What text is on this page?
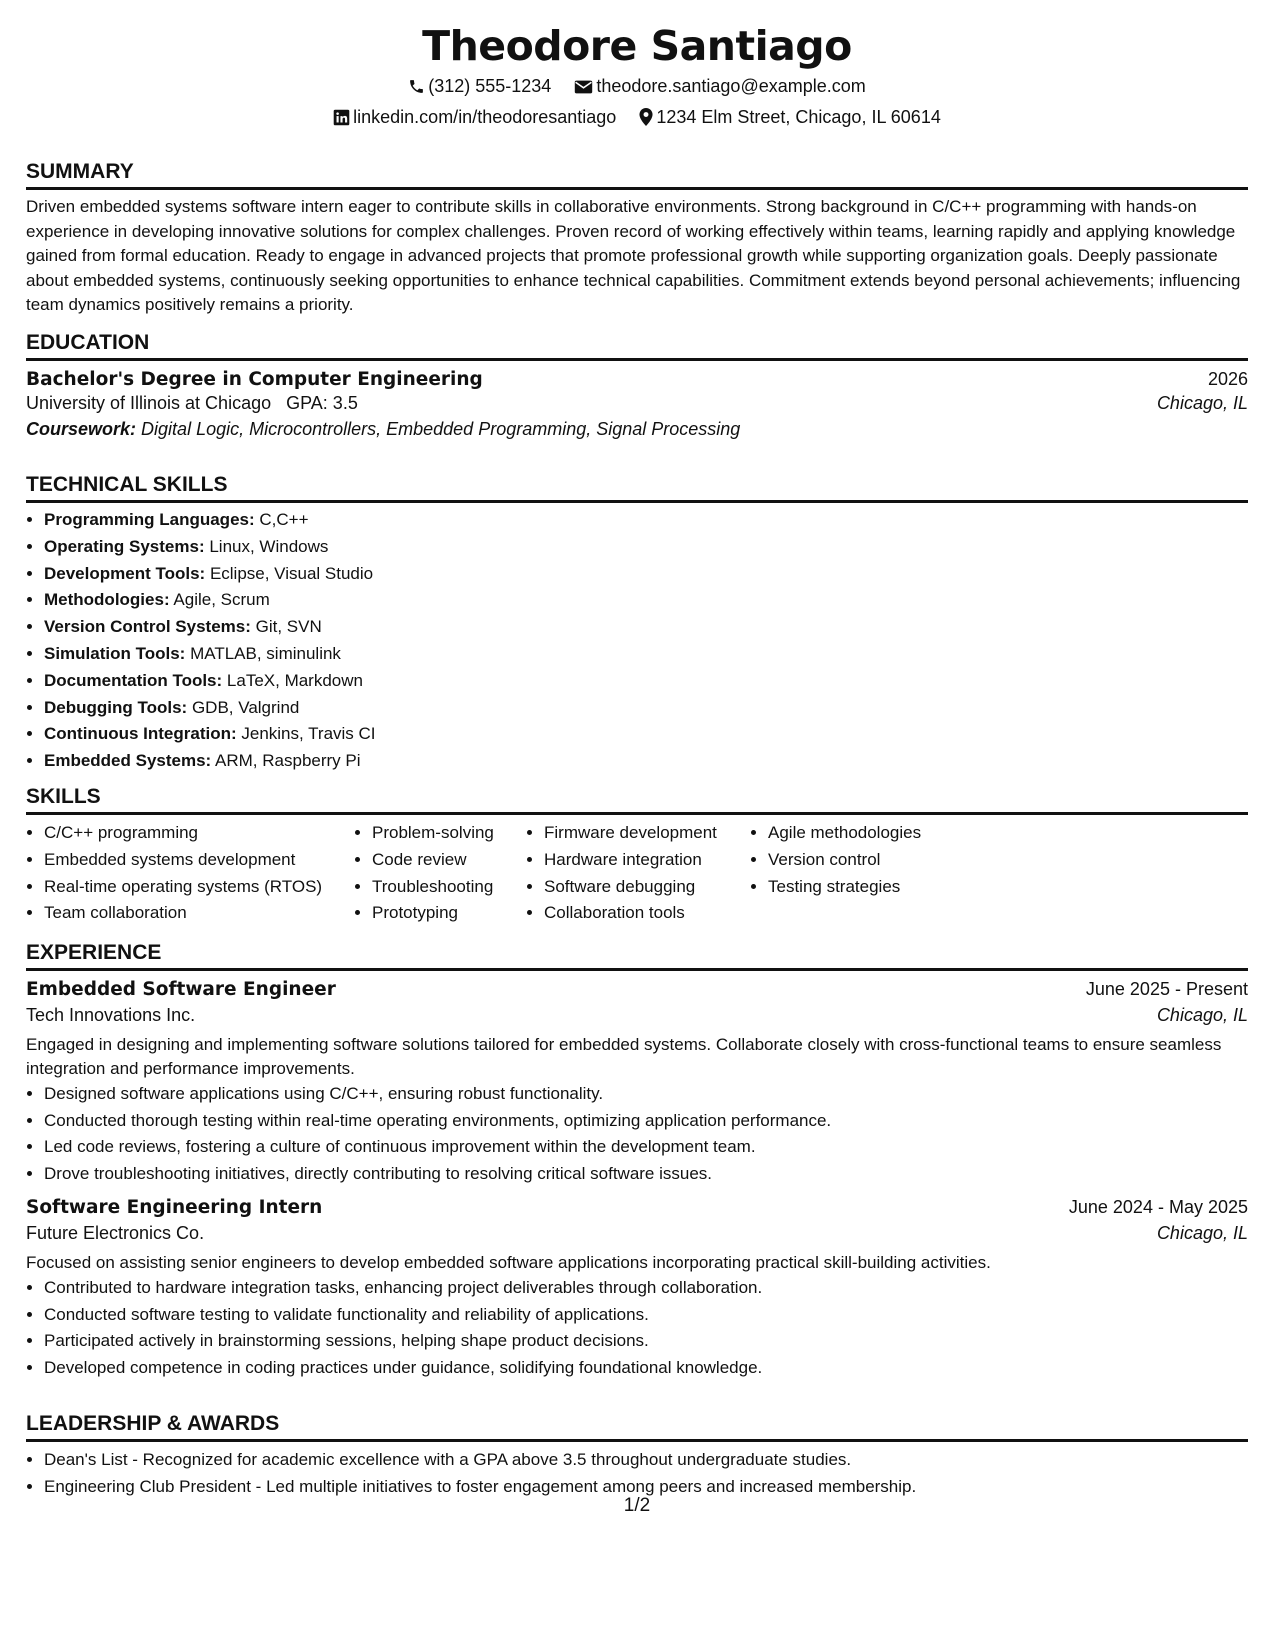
Theodore Santiago
(312) 555-1234	theodore.santiago@example.com
linkedin.com/in/theodoresantiago 1234 Elm Street, Chicago, IL 60614
SUMMARY
Driven embedded systems software intern eager to contribute skills in collaborative environments. Strong background in C/C++ programming with hands-on experience in developing innovative solutions for complex challenges. Proven record of working effectively within teams, learning rapidly and applying knowledge gained from formal education. Ready to engage in advanced projects that promote professional growth while supporting organization goals. Deeply passionate about embedded systems, continuously seeking opportunities to enhance technical capabilities. Commitment extends beyond personal achievements; influencing team dynamics positively remains a priority.
EDUCATION
Bachelor's Degree in Computer Engineering	2026
University of Illinois at Chicago GPA: 3.5	Chicago, IL
Coursework: Digital Logic, Microcontrollers, Embedded Programming, Signal Processing
TECHNICAL SKILLS
• Programming Languages: C,C++
• Operating Systems: Linux, Windows
• Development Tools: Eclipse, Visual Studio
• Methodologies: Agile, Scrum
• Version Control Systems: Git, SVN
• Simulation Tools: MATLAB, siminulink
• Documentation Tools: LaTeX, Markdown
• Debugging Tools: GDB, Valgrind
• Continuous Integration: Jenkins, Travis CI
• Embedded Systems: ARM, Raspberry Pi
SKILLS
• C/C++ programming
• Embedded systems development
• Real-time operating systems (RTOS)
• Team collaboration
• Problem-solving
• Code review
• Troubleshooting
• Prototyping
• Firmware development
• Hardware integration
• Software debugging
• Collaboration tools
• Agile methodologies
• Version control
• Testing strategies
EXPERIENCE
Embedded Software Engineer	June 2025 - Present
Tech Innovations Inc.	Chicago, IL
Engaged in designing and implementing software solutions tailored for embedded systems. Collaborate closely with cross-functional teams to ensure seamless integration and performance improvements.
• Designed software applications using C/C++, ensuring robust functionality.
• Conducted thorough testing within real-time operating environments, optimizing application performance.
• Led code reviews, fostering a culture of continuous improvement within the development team.
• Drove troubleshooting initiatives, directly contributing to resolving critical software issues.
Software Engineering Intern	June 2024 - May 2025
Future Electronics Co.	Chicago, IL
Focused on assisting senior engineers to develop embedded software applications incorporating practical skill-building activities.
• Contributed to hardware integration tasks, enhancing project deliverables through collaboration.
• Conducted software testing to validate functionality and reliability of applications.
• Participated actively in brainstorming sessions, helping shape product decisions.
• Developed competence in coding practices under guidance, solidifying foundational knowledge.
LEADERSHIP & AWARDS
• Dean's List - Recognized for academic excellence with a GPA above 3.5 throughout undergraduate studies.
• Engineering Club President - Led multiple initiatives to foster engagement among peers and increased membership.
1/2
